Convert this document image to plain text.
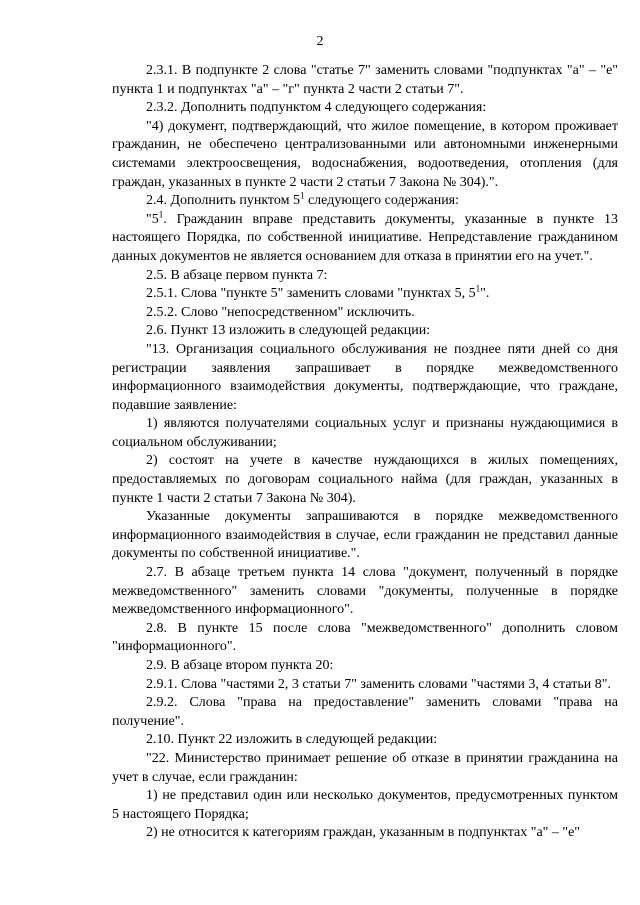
2

2.3.1. В подпункте 2 слова "статье 7" заменить словами "подпунктах "а" – "е" пункта 1 и подпунктах "а" – "г" пункта 2 части 2 статьи 7".

2.3.2. Дополнить подпунктом 4 следующего содержания:

"4) документ, подтверждающий, что жилое помещение, в котором проживает гражданин, не обеспечено централизованными или автономными инженерными системами электроосвещения, водоснабжения, водоотведения, отопления (для граждан, указанных в пункте 2 части 2 статьи 7 Закона № 304).".

2.4. Дополнить пунктом $5^1$ следующего содержания:

"$5^1$. Гражданин вправе представить документы, указанные в пункте 13 настоящего Порядка, по собственной инициативе. Непредставление гражданином данных документов не является основанием для отказа в принятии его на учет.".

2.5. В абзаце первом пункта 7:

2.5.1. Слова "пункте 5" заменить словами "пунктах 5, $5^1$".

2.5.2. Слово "непосредственном" исключить.

2.6. Пункт 13 изложить в следующей редакции:

"13. Организация социального обслуживания не позднее пяти дней со дня регистрации заявления запрашивает в порядке межведомственного информационного взаимодействия документы, подтверждающие, что граждане, подавшие заявление:

1) являются получателями социальных услуг и признаны нуждающимися в социальном обслуживании;

2) состоят на учете в качестве нуждающихся в жилых помещениях, предоставляемых по договорам социального найма (для граждан, указанных в пункте 1 части 2 статьи 7 Закона № 304).

Указанные документы запрашиваются в порядке межведомственного информационного взаимодействия в случае, если гражданин не представил данные документы по собственной инициативе.".

2.7. В абзаце третьем пункта 14 слова "документ, полученный в порядке межведомственного" заменить словами "документы, полученные в порядке межведомственного информационного".

2.8. В пункте 15 после слова "межведомственного" дополнить словом "информационного".

2.9. В абзаце втором пункта 20:

2.9.1. Слова "частями 2, 3 статьи 7" заменить словами "частями 3, 4 статьи 8".

2.9.2. Слова "права на предоставление" заменить словами "права на получение".

2.10. Пункт 22 изложить в следующей редакции:

"22. Министерство принимает решение об отказе в принятии гражданина на учет в случае, если гражданин:

1) не представил один или несколько документов, предусмотренных пунктом 5 настоящего Порядка;

2) не относится к категориям граждан, указанным в подпунктах "а" – "е"
